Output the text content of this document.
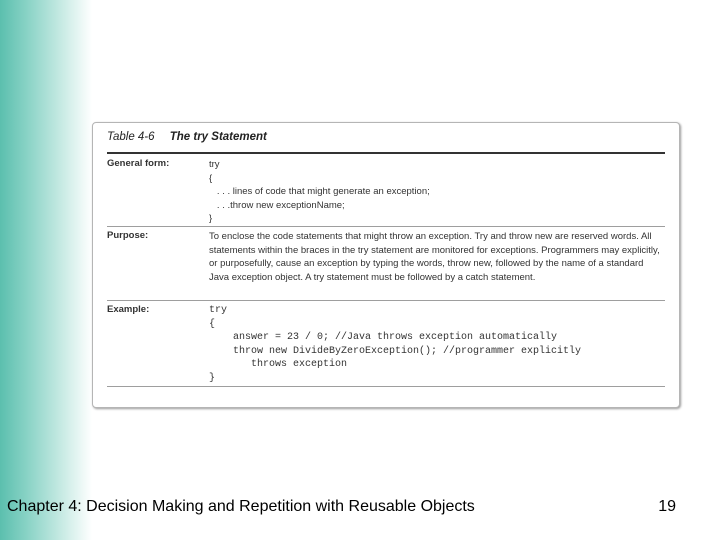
Table 4-6 The try Statement
General form:	try
{
. . . lines of code that might generate an exception;
. . .throw new exceptionName;
}
Purpose:	To enclose the code statements that might throw an exception. Try and throw new are reserved words. All statements within the braces in the try statement are monitored for exceptions. Programmers may explicitly, or purposefully, cause an exception by typing the words, throw new, followed by the name of a standard Java exception object. A try statement must be followed by a catch statement.
Example:	try
{
answer = 23 / 0; //Java throws exception automatically
throw new DivideByZeroException(); //programmer explicitly
throws exception
}
Chapter 4: Decision Making and Repetition with Reusable Objects	19
